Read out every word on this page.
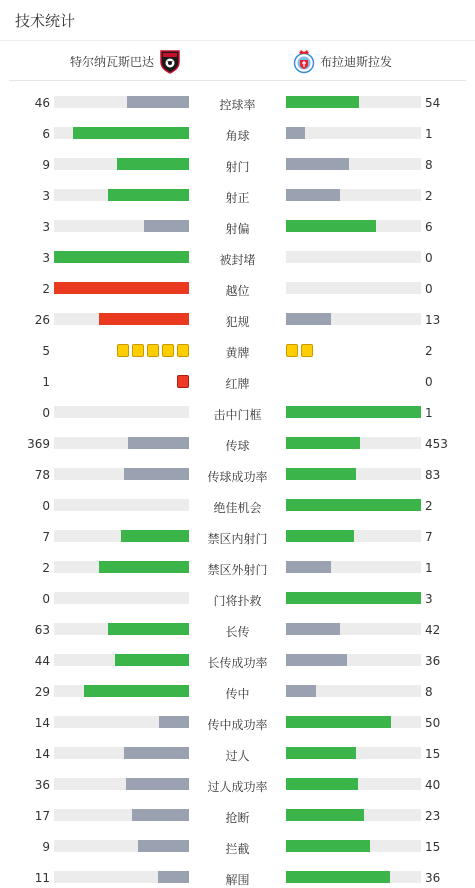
技术统计
特尔纳瓦斯巴达	布拉迪斯拉发
46	控球率	54
6	角球	1
9	射门	8
3	射正	2
3	射偏	6
3	被封堵	0
2	越位	0
26	犯规	13
5	黄牌	2
1	红牌	0
0	击中门框	1
369	传球	453
78	传球成功率	83
0	绝佳机会	2
7	禁区内射门	7
2	禁区外射门	1
0	门将扑救	3
63	长传	42
44	长传成功率	36
29	传中	8
14	传中成功率	50
14	过人	15
36	过人成功率	40
17	抢断	23
9	拦截	15
11	解围	36
